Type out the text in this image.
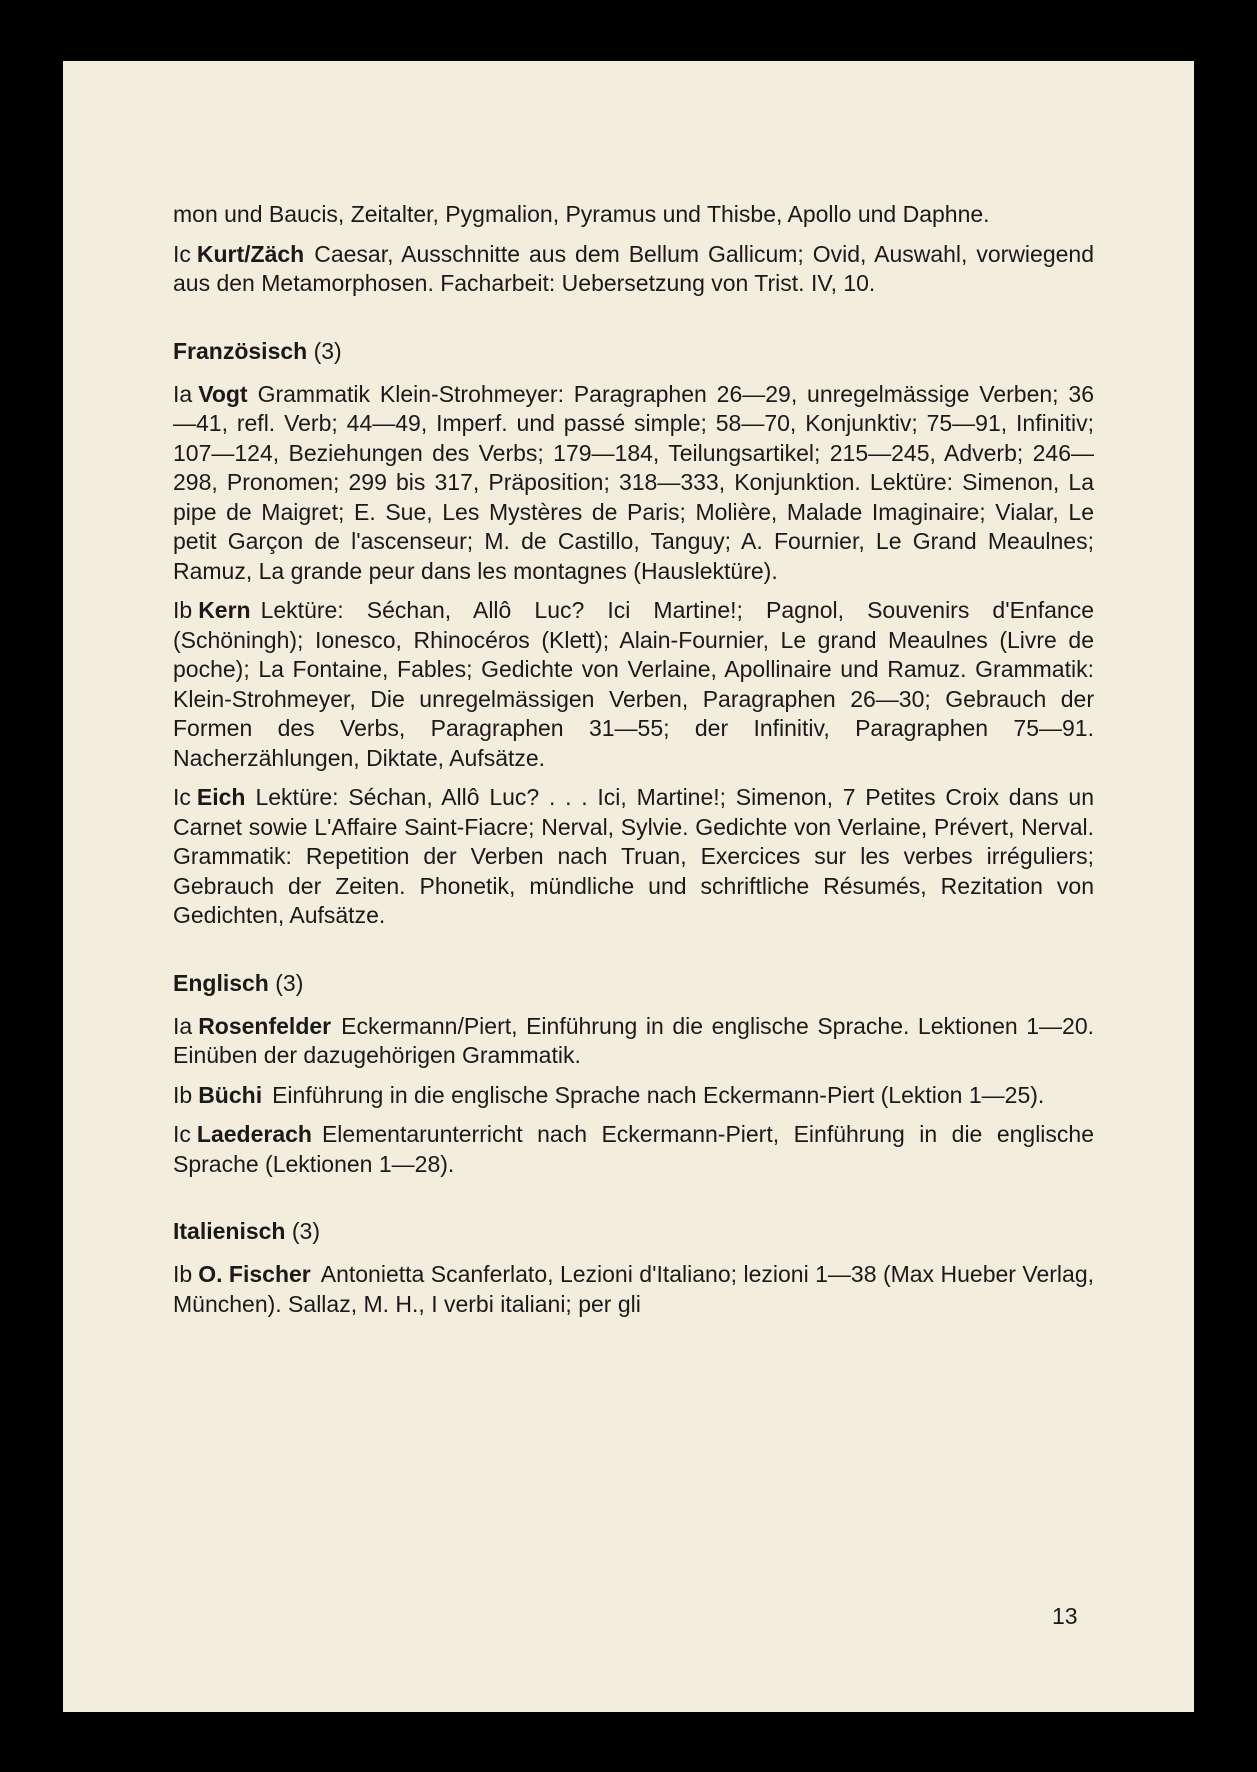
mon und Baucis, Zeitalter, Pygmalion, Pyramus und Thisbe, Apollo und Daphne.

Ic Kurt/Zäch Caesar, Ausschnitte aus dem Bellum Gallicum; Ovid, Auswahl, vorwiegend aus den Metamorphosen. Facharbeit: Uebersetzung von Trist. IV, 10.

Französisch (3)

Ia Vogt Grammatik Klein-Strohmeyer: Paragraphen 26—29, unregelmässige Verben; 36—41, refl. Verb; 44—49, Imperf. und passé simple; 58—70, Konjunktiv; 75—91, Infinitiv; 107—124, Beziehungen des Verbs; 179—184, Teilungsartikel; 215—245, Adverb; 246—298, Pronomen; 299 bis 317, Präposition; 318—333, Konjunktion. Lektüre: Simenon, La pipe de Maigret; E. Sue, Les Mystères de Paris; Molière, Malade Imaginaire; Vialar, Le petit Garçon de l'ascenseur; M. de Castillo, Tanguy; A. Fournier, Le Grand Meaulnes; Ramuz, La grande peur dans les montagnes (Hauslektüre).

Ib Kern Lektüre: Séchan, Allô Luc? Ici Martine!; Pagnol, Souvenirs d'Enfance (Schöningh); Ionesco, Rhinocéros (Klett); Alain-Fournier, Le grand Meaulnes (Livre de poche); La Fontaine, Fables; Gedichte von Verlaine, Apollinaire und Ramuz. Grammatik: Klein-Strohmeyer, Die unregelmässigen Verben, Paragraphen 26—30; Gebrauch der Formen des Verbs, Paragraphen 31—55; der Infinitiv, Paragraphen 75—91. Nacherzählungen, Diktate, Aufsätze.

Ic Eich Lektüre: Séchan, Allô Luc? . . . Ici, Martine!; Simenon, 7 Petites Croix dans un Carnet sowie L'Affaire Saint-Fiacre; Nerval, Sylvie. Gedichte von Verlaine, Prévert, Nerval. Grammatik: Repetition der Verben nach Truan, Exercices sur les verbes irréguliers; Gebrauch der Zeiten. Phonetik, mündliche und schriftliche Résumés, Rezitation von Gedichten, Aufsätze.

Englisch (3)

Ia Rosenfelder Eckermann/Piert, Einführung in die englische Sprache. Lektionen 1—20. Einüben der dazugehörigen Grammatik.

Ib Büchi Einführung in die englische Sprache nach Eckermann-Piert (Lektion 1—25).

Ic Laederach Elementarunterricht nach Eckermann-Piert, Einführung in die englische Sprache (Lektionen 1—28).

Italienisch (3)

Ib O. Fischer Antonietta Scanferlato, Lezioni d'Italiano; lezioni 1—38 (Max Hueber Verlag, München). Sallaz, M. H., I verbi italiani; per gli

13
